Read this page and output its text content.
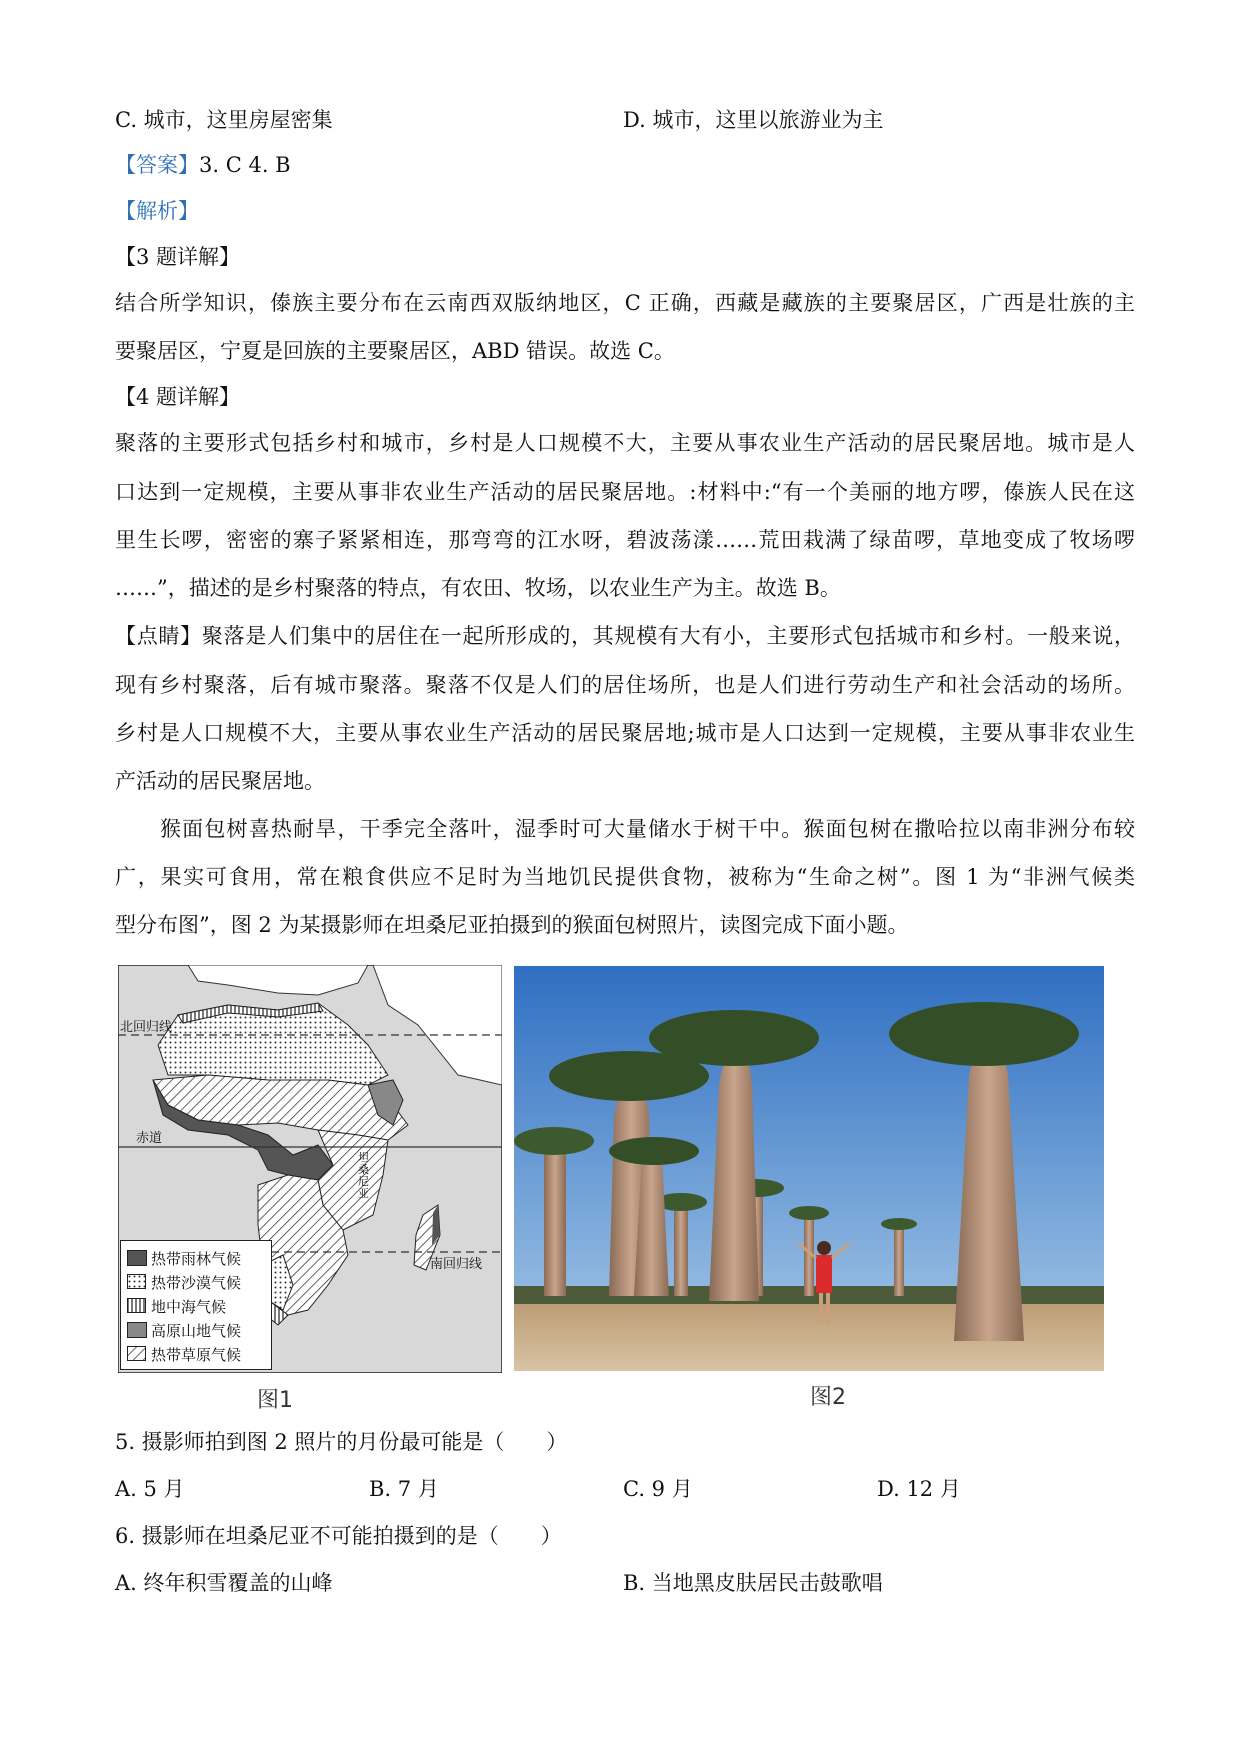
C. 城市，这里房屋密集	D. 城市，这里以旅游业为主
【答案】3. C 4. B
【解析】
【3 题详解】
结合所学知识，傣族主要分布在云南西双版纳地区，C 正确，西藏是藏族的主要聚居区，广西是壮族的主
要聚居区，宁夏是回族的主要聚居区，ABD 错误。故选 C。
【4 题详解】
聚落的主要形式包括乡村和城市，乡村是人口规模不大，主要从事农业生产活动的居民聚居地。城市是人
口达到一定规模，主要从事非农业生产活动的居民聚居地。:材料中:“有一个美丽的地方啰，傣族人民在这
里生长啰，密密的寨子紧紧相连，那弯弯的江水呀，碧波荡漾……荒田栽满了绿苗啰，草地变成了牧场啰
……”，描述的是乡村聚落的特点，有农田、牧场，以农业生产为主。故选 B。
【点睛】聚落是人们集中的居住在一起所形成的，其规模有大有小，主要形式包括城市和乡村。一般来说，
现有乡村聚落，后有城市聚落。聚落不仅是人们的居住场所，也是人们进行劳动生产和社会活动的场所。
乡村是人口规模不大，主要从事农业生产活动的居民聚居地;城市是人口达到一定规模，主要从事非农业生
产活动的居民聚居地。
猴面包树喜热耐旱，干季完全落叶，湿季时可大量储水于树干中。猴面包树在撒哈拉以南非洲分布较
广，果实可食用，常在粮食供应不足时为当地饥民提供食物，被称为“生命之树”。图 1 为“非洲气候类
型分布图”，图 2 为某摄影师在坦桑尼亚拍摄到的猴面包树照片，读图完成下面小题。
北回归线
赤道
南回归线
坦
桑
尼
亚
热带雨林气候
热带沙漠气候
地中海气候
高原山地气候
热带草原气候
图1	图2
5. 摄影师拍到图 2 照片的月份最可能是（　　）
A. 5 月	B. 7 月	C. 9 月	D. 12 月
6. 摄影师在坦桑尼亚不可能拍摄到的是（　　）
A. 终年积雪覆盖的山峰	B. 当地黑皮肤居民击鼓歌唱
